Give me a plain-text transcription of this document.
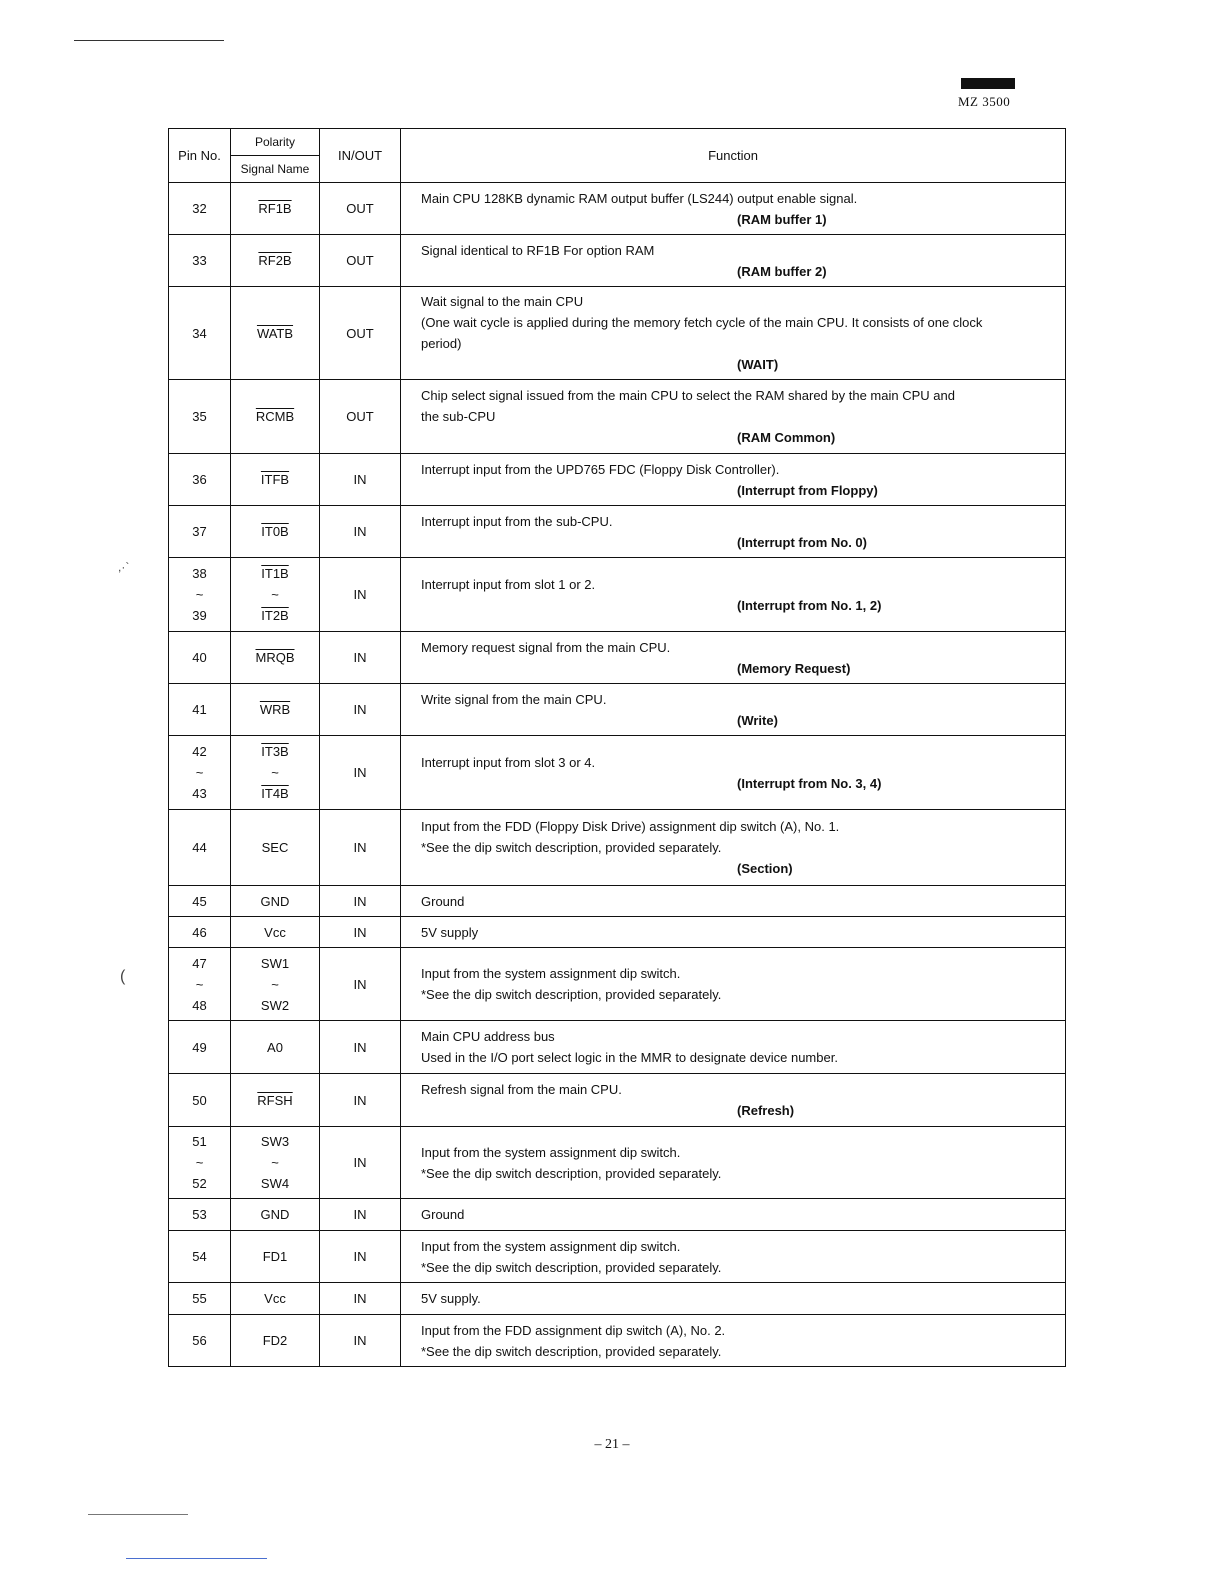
MZ 3500
,·`
(
Pin No.	Polarity	IN/OUT	Function
	Signal Name		

32	RF1B	OUT	Main CPU 128KB dynamic RAM output buffer (LS244) output enable signal.
(RAM buffer 1)

33	RF2B	OUT	Signal identical to RF1B For option RAM
(RAM buffer 2)

34	WATB	OUT	Wait signal to the main CPU
(One wait cycle is applied during the memory fetch cycle of the main CPU. It consists of one clock
period)
(WAIT)

35	RCMB	OUT	Chip select signal issued from the main CPU to select the RAM shared by the main CPU and
the sub-CPU
(RAM Common)

36	ITFB	IN	Interrupt input from the UPD765 FDC (Floppy Disk Controller).
(Interrupt from Floppy)

37	IT0B	IN	Interrupt input from the sub-CPU.
(Interrupt from No. 0)

38
~
39	IT1B
~
IT2B	IN	Interrupt input from slot 1 or 2.
(Interrupt from No. 1, 2)

40	MRQB	IN	Memory request signal from the main CPU.
(Memory Request)

41	$\overline{WRB}$	IN	Write signal from the main CPU.
(Write)

42
~
43	IT3B
~
IT4B	IN	Interrupt input from slot 3 or 4.
(Interrupt from No. 3, 4)

44	SEC	IN	Input from the FDD (Floppy Disk Drive) assignment dip switch (A), No. 1.
*See the dip switch description, provided separately.
(Section)

45	GND	IN	Ground

46	Vcc	IN	5V supply

47
~
48	SW1
~
SW2	IN	Input from the system assignment dip switch.
*See the dip switch description, provided separately.

49	A0	IN	Main CPU address bus
Used in the I/O port select logic in the MMR to designate device number.

50	RFSH	IN	Refresh signal from the main CPU.
(Refresh)

51
~
52	SW3
~
SW4	IN	Input from the system assignment dip switch.
*See the dip switch description, provided separately.

53	GND	IN	Ground

54	FD1	IN	Input from the system assignment dip switch.
*See the dip switch description, provided separately.

55	Vcc	IN	5V supply.

56	FD2	IN	Input from the FDD assignment dip switch (A), No. 2.
*See the dip switch description, provided separately.
– 21 –
